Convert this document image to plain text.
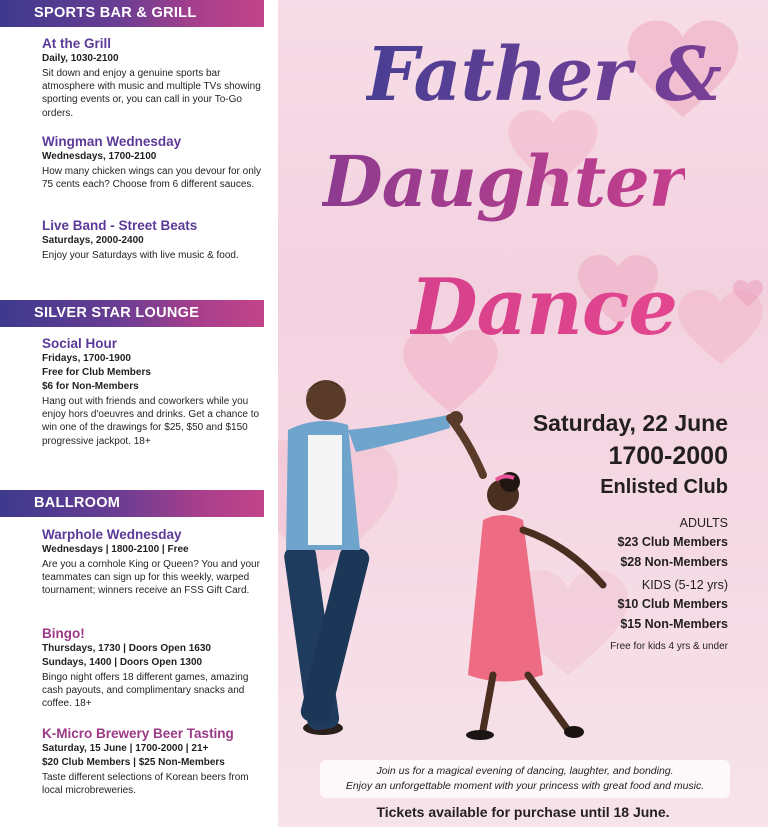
SPORTS BAR & GRILL
At the Grill
Daily, 1030-2100
Sit down and enjoy a genuine sports bar atmosphere with music and multiple TVs showing sporting events or, you can call in your To-Go orders.
Wingman Wednesday
Wednesdays, 1700-2100
How many chicken wings can you devour for only 75 cents each? Choose from 6 different sauces.
Live Band - Street Beats
Saturdays, 2000-2400
Enjoy your Saturdays with live music & food.
SILVER STAR LOUNGE
Social Hour
Fridays, 1700-1900
Free for Club Members
$6 for Non-Members
Hang out with friends and coworkers while you enjoy hors d'oeuvres and drinks. Get a chance to win one of the drawings for $25, $50 and $150 progressive jackpot. 18+
BALLROOM
Warphole Wednesday
Wednesdays | 1800-2100 | Free
Are you a cornhole King or Queen? You and your teammates can sign up for this weekly, warped tournament; winners receive an FSS Gift Card.
Bingo!
Thursdays, 1730 | Doors Open 1630
Sundays, 1400 | Doors Open 1300
Bingo night offers 18 different games, amazing cash payouts, and complimentary snacks and coffee. 18+
K-Micro Brewery Beer Tasting
Saturday, 15 June | 1700-2000 | 21+
$20 Club Members | $25 Non-Members
Taste different selections of Korean beers from local microbreweries.
Father &
Daughter
Dance
Saturday, 22 June
1700-2000
Enlisted Club
ADULTS
$23 Club Members
$28 Non-Members
KIDS (5-12 yrs)
$10 Club Members
$15 Non-Members
Free for kids 4 yrs & under
Join us for a magical evening of dancing, laughter, and bonding.
Enjoy an unforgettable moment with your princess with great food and music.
Tickets available for purchase until 18 June.
